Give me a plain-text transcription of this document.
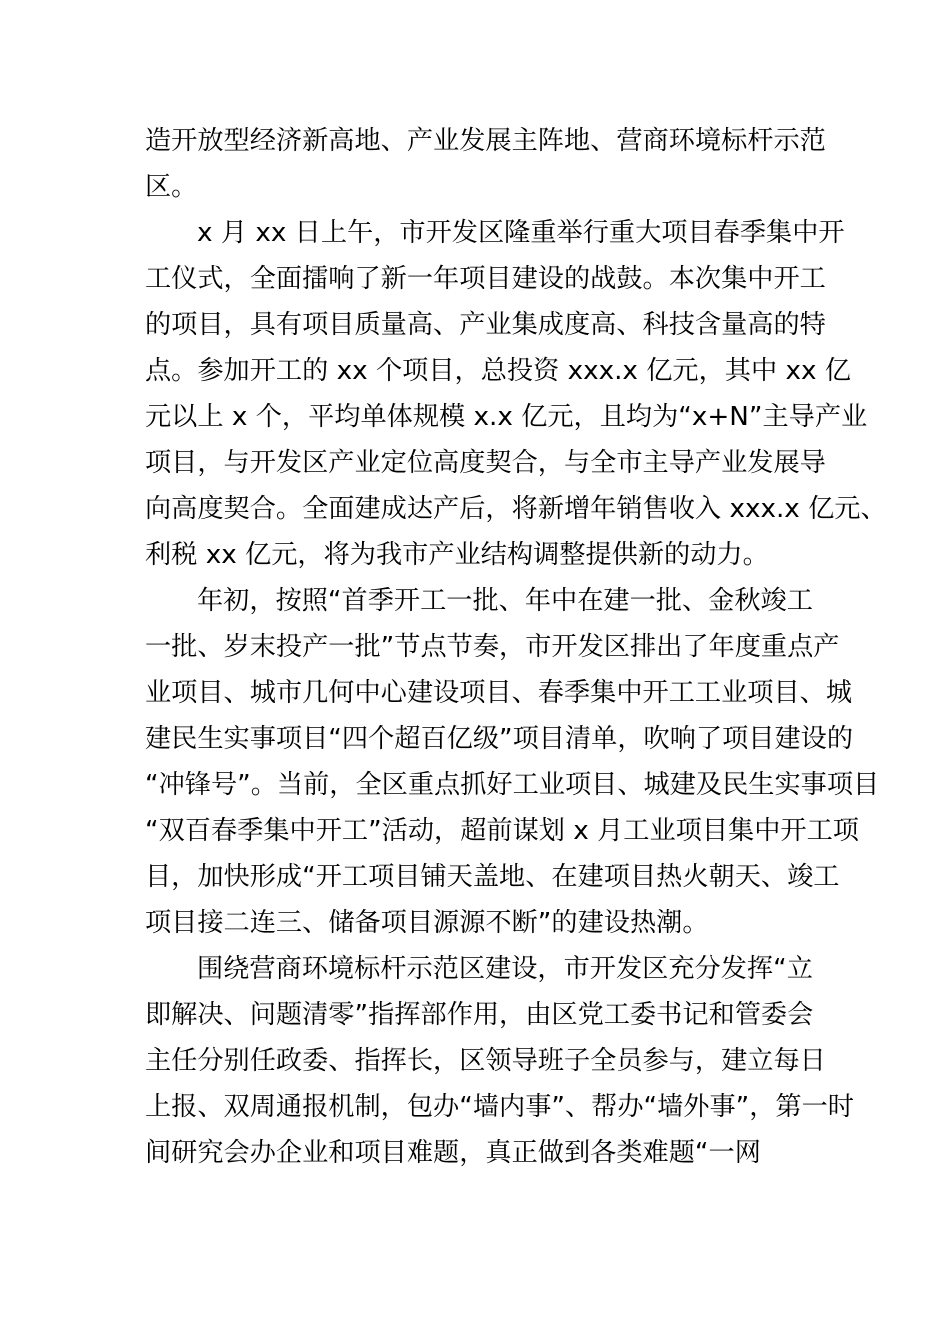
造开放型经济新高地、产业发展主阵地、营商环境标杆示范
区。
x 月 xx 日上午，市开发区隆重举行重大项目春季集中开
工仪式，全面擂响了新一年项目建设的战鼓。本次集中开工
的项目，具有项目质量高、产业集成度高、科技含量高的特
点。参加开工的 xx 个项目，总投资 xxx.x 亿元，其中 xx 亿
元以上 x 个，平均单体规模 x.x 亿元，且均为“x+N”主导产业
项目，与开发区产业定位高度契合，与全市主导产业发展导
向高度契合。全面建成达产后，将新增年销售收入 xxx.x 亿元、
利税 xx 亿元，将为我市产业结构调整提供新的动力。
年初，按照“首季开工一批、年中在建一批、金秋竣工
一批、岁末投产一批”节点节奏，市开发区排出了年度重点产
业项目、城市几何中心建设项目、春季集中开工工业项目、城
建民生实事项目“四个超百亿级”项目清单，吹响了项目建设的
“冲锋号”。当前，全区重点抓好工业项目、城建及民生实事项目
“双百春季集中开工”活动，超前谋划 x 月工业项目集中开工项
目，加快形成“开工项目铺天盖地、在建项目热火朝天、竣工
项目接二连三、储备项目源源不断”的建设热潮。
围绕营商环境标杆示范区建设，市开发区充分发挥“立
即解决、问题清零”指挥部作用，由区党工委书记和管委会
主任分别任政委、指挥长，区领导班子全员参与，建立每日
上报、双周通报机制，包办“墙内事”、帮办“墙外事”，第一时
间研究会办企业和项目难题，真正做到各类难题“一网
